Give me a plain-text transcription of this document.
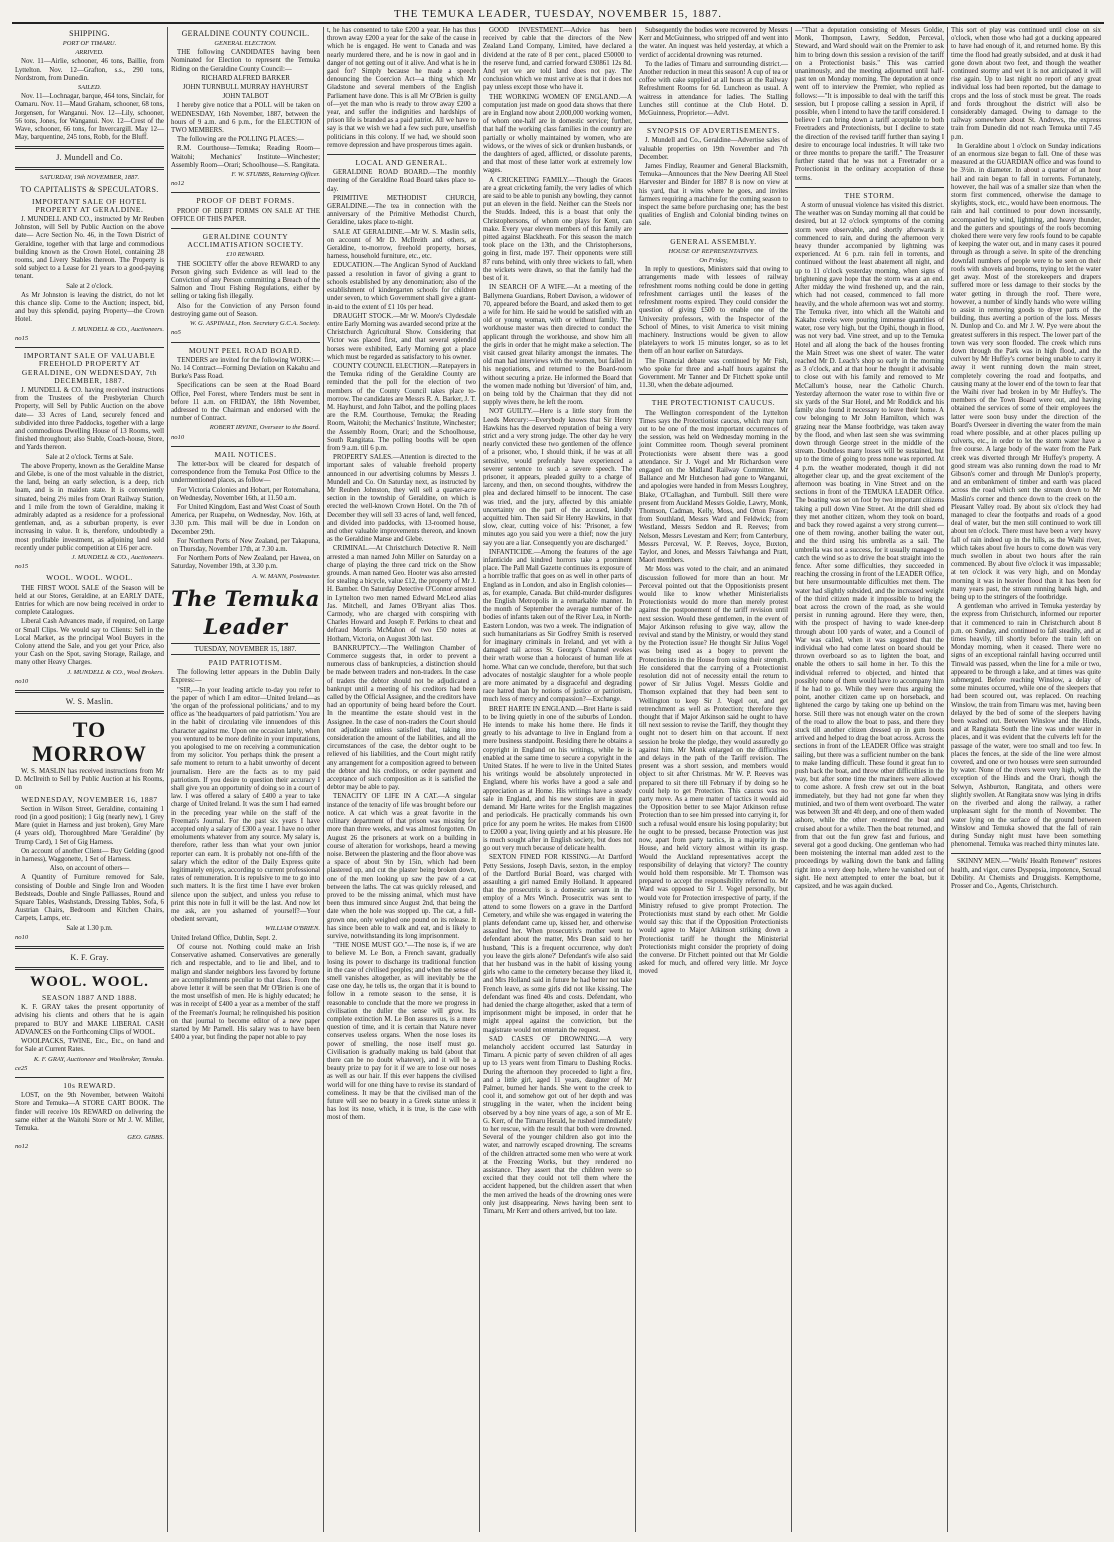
THE TEMUKA LEADER, TUESDAY, NOVEMBER 15, 1887.
SHIPPING.
PORT OF TIMARU.
ARRIVED.

Nov. 11—Airlie, schooner, 46 tons, Baillie, from Lyttelton. Nov. 12—Grafton, s.s., 290 tons, Nordstrom, from Dunedin.

SAILED.

Nov. 11—Lochnagar, barque, 464 tons, Sinclair, for Oamaru. Nov. 11—Maud Graham, schooner, 68 tons, Jorgensen, for Wanganui. Nov. 12—Lily, schooner, 56 tons, Jones, for Wanganui. Nov. 12—Crest of the Wave, schooner, 66 tons, for Invercargill. May 12—May, barquentine, 245 tons, Robb, for the Bluff.

J. Mundell and Co.
SATURDAY, 19th NOVEMBER, 1887.
TO CAPITALISTS & SPECULATORS.
IMPORTANT SALE OF HOTEL PROPERTY AT GERALDINE.

J. MUNDELL AND CO., instructed by Mr Reuben Johnston, will Sell by Public Auction on the above date— Acre Section No. 46, in the Town District of Geraldine, together with that large and commodious building known as the Crown Hotel, containing 28 rooms, and Livery Stables thereon. The Property is sold subject to a Lease for 21 years to a good-paying tenant.

Sale at 2 o'clock.

As Mr Johnston is leaving the district, do not let this chance slip. Come to the Auction; inspect, bid, and buy this splendid, paying Property—the Crown Hotel.

J. MUNDELL & CO., Auctioneers.
no15
IMPORTANT SALE OF VALUABLE FREEHOLD PROPERTY AT GERALDINE, ON WEDNESDAY, 7th DECEMBER, 1887.

J. MUNDELL & CO. having received instructions from the Trustees of the Presbyterian Church Property, will Sell by Public Auction on the above date— 33 Acres of Land, securely fenced and subdivided into three Paddocks, together with a large and commodious Dwelling House of 13 Rooms, well finished throughout; also Stable, Coach-house, Store, and Yards thereon.

Sale at 2 o'clock. Terms at Sale.

The above Property, known as the Geraldine Manse and Glebe, is one of the most valuable in the district, the land, being an early selection, is a deep, rich loam, and is in maiden state. It is conveniently situated, being 2½ miles from Orari Railway Station, and 1 mile from the town of Geraldine, making it admirably adapted as a residence for a professional gentleman, and, as a suburban property, is ever increasing in value. It is, therefore, undoubtedly a most profitable investment, as adjoining land sold recently under public competition at £16 per acre.

J. MUNDELL & CO., Auctioneers.
no15
WOOL. WOOL. WOOL.

THE FIRST WOOL SALE of the Season will be held at our Stores, Geraldine, at an EARLY DATE, Entries for which are now being received in order to complete Catalogues.

Liberal Cash Advances made, if required, on Large or Small Clips. We would say to Clients: Sell in the Local Market, as the principal Wool Buyers in the Colony attend the Sale, and you get your Price, also your Cash on the Spot, saving Storage, Railage, and many other Heavy Charges.

J. MUNDELL & CO., Wool Brokers.
no10
W. S. Maslin.
TO MORROW

W. S. MASLIN has received instructions from Mr D. McIlreith to Sell by Public Auction at his Rooms, on

WEDNESDAY, NOVEMBER 16, 1887

Section in Wilson Street, Geraldine, containing 1 rood (in a good position); 1 Gig (nearly new), 1 Grey Mare (quiet in Harness and just broken), Grey Mare (4 years old), Thoroughbred Mare 'Geraldine' (by Trump Card), 1 Set of Gig Harness.

On account of another Client— Buy Gelding (good in harness), Waggonette, 1 Set of Harness.

Also, on account of others—

A Quantity of Furniture removed for Sale, consisting of Double and Single Iron and Wooden Bedsteads, Double and Single Palliasses, Round and Square Tables, Washstands, Dressing Tables, Sofa, 6 Austrian Chairs, Bedroom and Kitchen Chairs, Carpets, Lamps, etc.

Sale at 1.30 p.m.

no10
K. F. Gray.
WOOL. WOOL.
SEASON 1887 AND 1888.

K. F. GRAY takes the present opportunity of advising his clients and others that he is again prepared to BUY and MAKE LIBERAL CASH ADVANCES on the Forthcoming Clips of WOOL.

WOOLPACKS, TWINE, Etc., Etc., on hand and for Sale at Current Rates.

K. F. GRAY, Auctioneer and Woolbroker, Temuka.
ce25
10s REWARD.

LOST, on the 9th November, between Waitohi Store and Temuka—A STORE CART BOOK. The finder will receive 10s REWARD on delivering the same either at the Waitohi Store or Mr J. W. Miller, Temuka.

GEO. GIBBS.
no12
GERALDINE COUNTY COUNCIL.
GENERAL ELECTION.

THE following CANDIDATES having been Nominated for Election to represent the Temuka Riding on the Geraldine County Council:—

RICHARD ALFRED BARKER

JOHN TURNBULL MURRAY HAYHURST

JOHN TALBOT

I hereby give notice that a POLL will be taken on WEDNESDAY, 16th November, 1887, between the hours of 9 a.m. and 6 p.m., for the ELECTION of TWO MEMBERS.

The following are the POLLING PLACES:—

R.M. Courthouse—Temuka; Reading Room—Waitohi; Mechanics' Institute—Winchester; Assembly Room—Orari; Schoolhouse—S. Rangitata.

F. W. STUBBS, Returning Officer.
no12
PROOF OF DEBT FORMS.

PROOF OF DEBT FORMS ON SALE AT THE OFFICE OF THIS PAPER.

GERALDINE COUNTY ACCLIMATISATION SOCIETY.
£10 REWARD.

THE SOCIETY offer the above REWARD to any Person giving such Evidence as will lead to the Conviction of any Person committing a Breach of the Salmon and Trout Fishing Regulations, either by selling or taking fish illegally.

Also for the Conviction of any Person found destroying game out of Season.

W. G. ASPINALL, Hon. Secretary G.C.A. Society.
no5
MOUNT PEEL ROAD BOARD.

TENDERS are invited for the following WORK:— No. 14 Contract—Forming Deviation on Kakahu and Burke's Pass Road.

Specifications can be seen at the Road Board Office, Peel Forest, where Tenders must be sent in before 11 a.m. on FRIDAY, the 18th November, addressed to the Chairman and endorsed with the number of Contract.

ROBERT IRVINE, Overseer to the Board.
no10
MAIL NOTICES.

The letter-box will be cleared for despatch of correspondence from the Temuka Post Office to the undermentioned places, as follow—

For Victoria Colonies and Hobart, per Rotomahana, on Wednesday, November 16th, at 11.50 a.m.

For United Kingdom, East and West Coast of South America, per Ruapehu, on Wednesday, Nov. 16th, at 3.30 p.m. This mail will be due in London on December 29th.

For Northern Ports of New Zealand, per Takapuna, on Thursday, November 17th, at 7.30 a.m.

For Northern Ports of New Zealand, per Hawea, on Saturday, November 19th, at 3.30 p.m.

A. W. MANN, Postmaster.
The Temuka Leader
TUESDAY, NOVEMBER 15, 1887.
PAID PATRIOTISM.

The following letter appears in the Dublin Daily Express:—

"SIR,—In your leading article to-day you refer to the paper of which I am editor—United Ireland—as 'the organ of the professional politicians,' and to my office as 'the headquarters of paid patriotism.' You are in the habit of circulating vile innuendoes of this character against me. Upon one occasion lately, when you ventured to be more definite in your imputations, you apologised to me on receiving a communication from my solicitor. You perhaps think the present a safe moment to return to a habit unworthy of decent journalism. Here are the facts as to my paid patriotism. If you desire to question their accuracy I shall give you an opportunity of doing so in a court of law. I was offered a salary of £400 a year to take charge of United Ireland. It was the sum I had earned in the preceding year while on the staff of the Freeman's Journal. For the past six years I have accepted only a salary of £300 a year. I have no other emoluments whatever from any source. My salary is, therefore, rather less than what your own junior reporter can earn. It is probably not one-fifth of the salary which the editor of the Daily Express quite legitimately enjoys, according to current professional rates of remuneration. It is repulsive to me to go into such matters. It is the first time I have ever broken silence upon the subject, and unless you refuse to print this note in full it will be the last. And now let me ask, are you ashamed of yourself?—Your obedient servant,

WILLIAM O'BRIEN.

United Ireland Office, Dublin, Sept. 2.

Of course not. Nothing could make an Irish Conservative ashamed. Conservatives are generally rich and respectable, and to lie and libel, and to malign and slander neighbors less favored by fortune are accomplishments peculiar to that class. From the above letter it will be seen that Mr O'Brien is one of the most unselfish of men. He is highly educated; he was in receipt of £400 a year as a member of the staff of the Freeman's Journal; he relinquished his position on that journal to become editor of a new paper started by Mr Parnell. His salary was to have been £400 a year, but finding the paper not able to pay

t, he has consented to take £200 a year. He has thus thrown away £200 a year for the sake of the cause in which he is engaged. He went to Canada and was nearly murdered there, and he is now in gaol and in danger of not getting out of it alive. And what is he in gaol for? Simply because he made a speech denouncing the Coercion Act—a thing which Mr Gladstone and several members of the English Parliament have done. This is all Mr O'Brien is guilty of—yet the man who is ready to throw away £200 a year, and suffer the indignities and hardships of prison life is branded as a paid patriot. All we have to say is that we wish we had a few such pure, unselfish politicians in this colony. If we had, we should soon remove depression and have prosperous times again.

LOCAL AND GENERAL.

GERALDINE ROAD BOARD.—The monthly meeting of the Geraldine Road Board takes place to-day.

PRIMITIVE METHODIST CHURCH, GERALDINE.—The tea in connection with the anniversary of the Primitive Methodist Church, Geraldine, takes place to-night.

SALE AT GERALDINE.—Mr W. S. Maslin sells, on account of Mr D. McIlreith and others, at Geraldine, to-morrow, freehold property, horses, harness, household furniture, etc., etc.

EDUCATION.—The Anglican Synod of Auckland passed a resolution in favor of giving a grant to schools established by any denomination; also of the establishment of kindergarten schools for children under seven, to which Government shall give a grant-in-aid to the extent of £1 10s per head.

DRAUGHT STOCK.—Mr W. Moore's Clydesdale entire Early Morning was awarded second prize at the Christchurch Agricultural Show. Considering that Victor was placed first, and that several splendid horses were exhibited, Early Morning got a place which must be regarded as satisfactory to his owner.

COUNTY COUNCIL ELECTION.—Ratepayers in the Temuka riding of the Geraldine County are reminded that the poll for the election of two members of the County Council takes place to-morrow. The candidates are Messrs R. A. Barker, J. T. M. Hayhurst, and John Talbot, and the polling places are the R.M. Courthouse, Temuka; the Reading Room, Waitohi; the Mechanics' Institute, Winchester; the Assembly Room, Orari; and the Schoolhouse, South Rangitata. The polling booths will be open from 9 a.m. till 6 p.m.

PROPERTY SALES.—Attention is directed to the important sales of valuable freehold property announced in our advertising columns by Messrs J. Mundell and Co. On Saturday next, as instructed by Mr Reuben Johnston, they will sell a quarter-acre section in the township of Geraldine, on which is erected the well-known Crown Hotel. On the 7th of December they will sell 33 acres of land, well fenced, and divided into paddocks, with 13-roomed house, and other valuable improvements thereon, and known as the Geraldine Manse and Glebe.

CRIMINAL.—At Christchurch Detective R. Neill arrested a man named John Miller on Saturday on a charge of playing the three card trick on the Show grounds. A man named Geo. Hooter was also arrested for stealing a bicycle, value £12, the property of Mr J. H. Bamber. On Saturday Detective O'Connor arrested in Lyttelton two men named Edward McLeod alias Jas. Mitchell, and James O'Bryant alias Thos. Carmody, who are charged with conspiring with Charles Howard and Joseph F. Perkins to cheat and defraud Morris McMahon of two £50 notes at Hotham, Victoria, on August 30th last.

BANKRUPTCY.—The Wellington Chamber of Commerce suggests that, in order to prevent a numerous class of bankruptcies, a distinction should be made between traders and non-traders. In the case of traders the debtor should not be adjudicated a bankrupt until a meeting of his creditors had been called by the Official Assignee, and the creditors have had an opportunity of being heard before the Court. In the meantime the estate should vest in the Assignee. In the case of non-traders the Court should not adjudicate unless satisfied that, taking into consideration the amount of the liabilities, and all the circumstances of the case, the debtor ought to be relieved of his liabilities, and the Court might ratify any arrangement for a composition agreed to between the debtor and his creditors, or order payment and acceptance of such composition as it is satisfied the debtor may be able to pay.

TENACITY OF LIFE IN A CAT.—A singular instance of the tenacity of life was brought before our notice. A cat which was a great favorite in the culinary department of that prison was missing for more than three weeks, and was almost forgotten. On August 26 the prisoners at work on a building in course of alteration for workshops, heard a mewing noise. Between the plastering and the floor above was a space of about 9in by 15in, which had been plastered up, and cut the plaster being broken down, one of the men looking up saw the paw of a cat between the laths. The cat was quickly released, and proved to be the missing animal, which must have been thus immured since August 2nd, that being the date when the hole was stopped up. The cat, a full-grown one, only weighed one pound on its release. It has since been able to walk and eat, and is likely to survive, notwithstanding its long imprisonment.

"THE NOSE MUST GO."—The nose is, if we are to believe M. Le Bon, a French savant, gradually losing its power to discharge its traditional function in the case of civilised peoples; and when the sense of smell vanishes altogether, as will inevitably be the case one day, he tells us, the organ that it is bound to follow in a remote season to the sense, it is reasonable to conclude that the more we progress in civilisation the duller the sense will grow. Its complete extinction M. Le Bon assures us, is a mere question of time, and it is certain that Nature never conserves useless organs. When the nose loses its power of smelling, the nose itself must go. Civilisation is gradually making us bald (about that there can be no doubt whatever), and it will be a beauty prize to pay for it if we are to lose our noses as well as our hair. If this ever happens the civilised world will for one thing have to revise its standard of comeliness. It may be that the civilised man of the future will see no beauty in a Greek statue unless it has lost its nose, which, it is true, is the case with most of them.

GOOD INVESTMENT.—Advice has been received by cable that the directors of the New Zealand Land Company, Limited, have declared a dividend at the rate of 8 per cent., placed £50000 to the reserve fund, and carried forward £30861 12s 8d. And yet we are told land does not pay. The conclusion which we must arrive at is that it does not pay unless except those who have it.

THE WORKING WOMEN OF ENGLAND.—A computation just made on good data shows that there are in England now about 2,000,000 working women, of whom one-half are in domestic service; further, that half the working class families in the country are partially or wholly maintained by women, who are widows, or the wives of sick or drunken husbands, or the daughters of aged, afflicted, or dissolute parents, and that most of these latter work at extremely low wages.

A CRICKETING FAMILY.—Though the Graces are a great cricketing family, the very ladies of which are said to be able to punish any bowling, they cannot put an eleven in the field. Neither can the Steels nor the Studds. Indeed, this is a boast that only the Christophersons, of whom one plays for Kent, can make. Every year eleven members of this family are pitted against Blackheath. For this season the match took place on the 13th, and the Christophersons, going in first, made 197. Their opponents were still 87 runs behind, with only three wickets to fall, when the wickets were drawn, so that the family had the best of it.

IN SEARCH OF A WIFE.—At a meeting of the Ballymena Guardians, Robert Davison, a widower of 70, appeared before the Board, and asked them to get a wife for him. He said he would be satisfied with an old or young woman, with or without family. The workhouse master was then directed to conduct the applicant through the workhouse, and show him all the girls in order that he might make a selection. The visit caused great hilarity amongst the inmates. The old man had interviews with the women, but failed in his negotiations, and returned to the Board-room without securing a prize. He informed the Board that the women made nothing but 'diversion' of him, and, on being told by the Chairman that they did not supply wives there, he left the room.

NOT GUILTY.—Here is a little story from the Leeds Mercury:—Everybody knows that Sir Henry Hawkins has the deserved reputation of being a very strict and a very strong judge. The other day he very nearly convicted these two gentlemen of the offence of a prisoner, who, I should think, if he was at all sensitive, would preferably have experienced a severer sentence to such a severe speech. The prisoner, it appears, pleaded guilty to a charge of larceny, and then, on second thoughts, withdrew the plea and declared himself to be innocent. The case was tried, and the jury, affected by this amiable uncertainty on the part of the accused, kindly acquitted him. Then said Sir Henry Hawkins, in that slow, clear, cutting voice of his: 'Prisoner, a few minutes ago you said you were a thief; now the jury say you are a liar. Consequently you are discharged.'

INFANTICIDE.—Among the features of the age infanticide and kindred horrors take a prominent place. The Pall Mall Gazette continues its exposure of a horrible traffic that goes on as well in other parts of England as in London, and also in English colonies—as, for example, Canada. But child-murder disfigures the English Metropolis in a remarkable manner. In the month of September the average number of the bodies of infants taken out of the River Lea, in North-Eastern London, was two a week. The indignation of such humanitarians as Sir Godfrey Smith is reserved for imaginary criminals in Ireland, and yet with a damaged tail across St. George's Channel evokes their wrath worse than a holocaust of human life at home. What can we conclude, therefore, but that such advocates of nostalgic slaughter for a whole people are more animated by a disgraceful and degrading race hatred than by notions of justice or patriotism, much less of mercy and compassion?—Exchange.

BRET HARTE IN ENGLAND.—Bret Harte is said to be living quietly in one of the suburbs of London. He intends to make his home there. He finds it greatly to his advantage to live in England from a mere business standpoint. Residing there he obtains a copyright in England on his writings, while he is enabled at the same time to secure a copyright in the United States. If he were to live in the United States his writings would be absolutely unprotected in England, where his works have a good a sale and appreciation as at Home. His writings have a steady sale in England, and his new stories are in great demand. Mr Harte writes for the English magazines and periodicals. He practically commands his own price for any poem he writes. He makes from £1600 to £2000 a year, living quietly and at his pleasure. He is much sought after in English society, but does not go out very much because of delicate health.

SEXTON FINED FOR KISSING.—At Dartford Petty Sessions, Joseph Davis, sexton, in the employ of the Dartford Burial Board, was charged with assaulting a girl named Emily Holland. It appeared that the prosecutrix is a domestic servant in the employ of a Mrs Winch. Prosecutrix was sent to attend to some flowers on a grave in the Dartford Cemetery, and while she was engaged in watering the plants defendant came up, kissed her, and otherwise assaulted her. When prosecutrix's mother went to defendant about the matter, Mrs Dean said to her husband, 'This is a frequent occurrence, why don't you leave the girls alone?' Defendant's wife also said that her husband was in the habit of kissing young girls who came to the cemetery because they liked it, and Mrs Holland said in future he had better not take French leave, as some girls did not like kissing. The defendant was fined 40s and costs. Defendant, who had denied the charge altogether, asked that a term of imprisonment might be imposed, in order that he might appeal against the conviction, but the magistrate would not entertain the request.

SAD CASES OF DROWNING.—A very melancholy accident occurred last Saturday in Timaru. A picnic party of seven children of all ages up to 13 years went from Timaru to Dashing Rocks. During the afternoon they proceeded to light a fire, and a little girl, aged 11 years, daughter of Mr Palmer, burned her hands. She went to the creek to cool it, and somehow got out of her depth and was struggling in the water, when the incident being observed by a boy nine years of age, a son of Mr E. G. Kerr, of the Timaru Herald, he rushed immediately to her rescue, with the result that both were drowned. Several of the younger children also got into the water, and narrowly escaped drowning. The screams of the children attracted some men who were at work at the Freezing Works, but they rendered no assistance. They assert that the children were so excited that they could not tell them where the accident happened, but the children assert that when the men arrived the heads of the drowning ones were only just disappearing. News having been sent to Timaru, Mr Kerr and others arrived, but too late.

Subsequently the bodies were recovered by Messrs Kerr and McGuinness, who stripped off and went into the water. An inquest was held yesterday, at which a verdict of accidental drowning was returned.

To the ladies of Timaru and surrounding district.—Another reduction in meat this season! A cup of tea or coffee with cake supplied at all hours at the Railway Refreshment Rooms for 6d. Luncheon as usual. A waitress in attendance for ladies. The Stalling Lunches still continue at the Club Hotel. D. McGuinness, Proprietor.—Advt.

SYNOPSIS OF ADVERTISEMENTS.

J. Mundell and Co., Geraldine—Advertise sales of valuable properties on 19th November and 7th December.

James Findlay, Reaumer and General Blacksmith, Temuka—Announces that the New Deering All Steel Harvester and Binder for 1887 8 is now on view at his yard, that it wins where he goes, and invites farmers requiring a machine for the coming season to inspect the same before purchasing one; has the best qualities of English and Colonial binding twines on sale.

GENERAL ASSEMBLY.
HOUSE OF REPRESENTATIVES.
On Friday,

In reply to questions, Ministers said that owing to arrangements made with lessees of railway refreshment rooms nothing could be done in getting refreshment carriages until the leases of the refreshment rooms expired. They could consider the question of giving £500 to enable one of the University professors, with the Inspector of the School of Mines, to visit America to visit mining machinery. Instructions would be given to allow platelayers to work 15 minutes longer, so as to let them off an hour earlier on Saturdays.

The Financial debate was continued by Mr Fish, who spoke for three and a-half hours against the Government. Mr Tanner and Dr Fitchett spoke until 11.30, when the debate adjourned.

THE PROTECTIONIST CAUCUS.

The Wellington correspondent of the Lyttelton Times says the Protectionist caucus, which may turn out to be one of the most important occurrences of the session, was held on Wednesday morning in the joint Committee room. Though several prominent Protectionists were absent there was a good attendance. Sir J. Vogel and Mr Richardson were engaged on the Midland Railway Committee. Mr Ballance and Mr Hutcheson had gone to Wanganui, and apologies were handed in from Messrs Loughrey, Blake, O'Callaghan, and Turnbull. Still there were present from Auckland Messrs Goldie, Lawry, Monk, Thomson, Cadman, Kelly, Moss, and Orton Fraser; from Southland, Messrs Ward and Feldwick; from Westland, Messrs Seddon and R. Reeves; from Nelson, Messrs Levestam and Kerr; from Canterbury, Messrs Perceval, W. P. Reeves, Joyce, Buxton, Taylor, and Jones, and Messrs Taiwhanga and Pratt, Maori members.

Mr Moss was voted to the chair, and an animated discussion followed for more than an hour. Mr Perceval pointed out that the Oppositionists present would like to know whether Ministerialists Protectionists would do more than merely protest against the postponement of the tariff revision until next session. Would these gentlemen, in the event of Major Atkinson refusing to give way, allow the revival and stand by the Ministry, or would they stand by the Protection issue? He thought Sir Julius Vogel was being used as a bogey to prevent the Protectionists in the House from using their strength. He considered that the carrying of a Protectionist resolution did not of necessity entail the return to power of Sir Julius Vogel. Messrs Goldie and Thomson explained that they had been sent to Wellington to keep Sir J. Vogel out, and get retrenchment as well as Protection; therefore they thought that if Major Atkinson said he ought to have till next session to revise the Tariff, they thought they ought not to desert him on that account. If next session he broke the pledge, they would assuredly go against him. Mr Monk enlarged on the difficulties and delays in the path of the Tariff revision. The present was a short session, and members would object to sit after Christmas. Mr W. P. Reeves was prepared to sit there till February if by doing so he could help to get Protection. This caucus was no party move. As a mere matter of tactics it would aid the Opposition better to see Major Atkinson refuse Protection than to see him pressed into carrying it, for such a refusal would ensure his losing popularity; but he ought to be pressed, because Protection was just now, apart from party tactics, in a majority in the House, and held victory almost within its grasp. Would the Auckland representatives accept the responsibility of delaying that victory? The country would hold them responsible. Mr T. Thomson was prepared to accept the responsibility referred to. Mr Ward was opposed to Sir J. Vogel personally, but would vote for Protection irrespective of party, if the Ministry refused to give prompt Protection. The Protectionists must stand by each other. Mr Goldie would say this: that if the Opposition Protectionists would agree to Major Atkinson striking down a Protectionist tariff he thought the Ministerial Protectionists might consider the propriety of doing the converse. Dr Fitchett pointed out that Mr Goldie asked for much, and offered very little. Mr Joyce moved

—"That a deputation consisting of Messrs Goldie, Monk, Thompson, Lawry, Seddon, Perceval, Steward, and Ward should wait on the Premier to ask him to bring down this session a revision of the tariff on a Protectionist basis." This was carried unanimously, and the meeting adjourned until half-past ten on Monday morning. The deputation at once went off to interview the Premier, who replied as follows:—"It is impossible to deal with the tariff this session, but I propose calling a session in April, if possible, when I intend to have the tariff considered. I believe I can bring down a tariff acceptable to both Freetraders and Protectionists, but I decline to state the direction of the revised tariff further than saying I desire to encourage local industries. It will take two or three months to prepare the tariff." The Treasurer further stated that he was not a Freetrader or a Protectionist in the ordinary acceptation of those terms.

THE STORM.

A storm of unusual violence has visited this district. The weather was on Sunday morning all that could be desired, but at 12 o'clock symptoms of the coming storm were observable, and shortly afterwards it commenced to rain, and during the afternoon very heavy thunder accompanied by lightning was experienced. At 6 p.m. rain fell in torrents, and continued without the least abatement all night, and up to 11 o'clock yesterday morning, when signs of brightening gave hope that the storm was at an end. After midday the wind freshened up, and the rain, which had not ceased, commenced to fall more heavily, and the whole afternoon was wet and stormy. The Temuka river, into which all the Waitohi and Kakahu creeks were pouring immense quantities of water, rose very high, but the Opihi, though in flood, was not very bad. Vine street, and up to the Temuka Hotel and all along the back of the houses fronting the Main Street was one sheet of water. The water reached Mr D. Leach's shop so early in the morning as 3 o'clock, and at that hour he thought it advisable to close out with his family and removed to Mr McCallum's house, near the Catholic Church. Yesterday afternoon the water rose to within five or six yards of the Star Hotel, and Mr Roddick and his family also found it necessary to leave their home. A cow belonging to Mr John Hamilton, which was grazing near the Manse footbridge, was taken away by the flood, and when last seen she was swimming down through George street in the middle of the stream. Doubtless many losses will be sustained, but up to the time of going to press none was reported. At 4 p.m. the weather moderated, though it did not altogether clear up, and the great excitement of the afternoon was boating in Vine Street and on the sections in front of the TEMUKA LEADER Office. The boating was set on foot by two important citizens taking a pull down Vine Street. At the drill shed ed they met another citizen, whom they took on board, and back they rowed against a very strong current—one of them rowing, another bailing the water out, and the third using his umbrella as a sail. The umbrella was not a success, for it usually managed to catch the wind so as to drive the boat straight into the fence. After some difficulties, they succeeded in reaching the crossing in front of the LEADER Office, but here unsurmountable difficulties met them. The water had slightly subsided, and the increased weight of the third citizen made it impossible to bring the boat across the crown of the road, as she would persist in running aground. Here they were, then, with the prospect of having to wade knee-deep through about 100 yards of water, and a Council of War was called, when it was suggested that the individual who had come latest on board should be thrown overboard so as to lighten the boat, and enable the others to sail home in her. To this the individual referred to objected, and hinted that possibly none of them would have to accompany him if he had to go. While they were thus arguing the point, another citizen came up on horseback, and lightened the cargo by taking one up behind on the horse. Still there was not enough water on the crown of the road to allow the boat to pass, and there they stuck till another citizen dressed up in gum boots arrived and helped to drag the boat across. Across the sections in front of the LEADER Office was straight sailing, but there was a sufficient number on the bank to make landing difficult. These found it great fun to push back the boat, and throw other difficulties in the way, but after some time the mariners were allowed to come ashore. A fresh crew set out in the boat immediately, but they had not gone far when they mutinied, and two of them went overboard. The water was between 3ft and 4ft deep, and one of them waded ashore, while the other re-entered the boat and cruised about for a while. Then the boat returned, and from that out the fun grew fast and furious, and several got a good ducking. One gentleman who had been moistening the internal man added zest to the proceedings by walking down the bank and falling right into a very deep hole, where he vanished out of sight. He next attempted to enter the boat, but it capsized, and he was again ducked.

This sort of play was continued until close on six o'clock, when those who had got a ducking appeared to have had enough of it, and returned home. By this time the flood had greatly subsided, and at dusk it had gone down about two feet, and though the weather continued stormy and wet it is not anticipated it will rise again. Up to last night no report of any great individual loss had been reported, but the damage to crops and the loss of stock must be great. The roads and fords throughout the district will also be considerably damaged. Owing to damage to the railway somewhere about St. Andrews, the express train from Dunedin did not reach Temuka until 7.45 p.m.

In Geraldine about 1 o'clock on Sunday indications of an enormous size began to fall. One of these was measured at the GUARDIAN office and was found to be 3½in. in diameter. In about a quarter of an hour hail and rain began to fall in torrents. Fortunately, however, the hail was of a smaller size than when the storm first commenced, otherwise the damage to skylights, stock, etc., would have been enormous. The rain and hail continued to pour down incessantly, accompanied by wind, lightning, and heavy thunder, and the gutters and spoutings of the roofs becoming choked there were very few roofs found to be capable of keeping the water out, and in many cases it poured through as through a seive. In spite of the drenching downfall numbers of people were to be seen on their roofs with shovels and brooms, trying to let the water get away. Most of the storekeepers and drapers suffered more or less damage to their stocks by the water getting in through the roof. There were, however, a number of kindly hands who were willing to assist in removing goods to dryer parts of the building, thus averting a portion of the loss. Messrs N. Dunlop and Co. and Mr J. W. Pye were about the greatest sufferers in this respect. The lower part of the town was very soon flooded. The creek which runs down through the Park was in high flood, and the culvert by Mr Huffey's corner being unable to carry it away it went running down the main street, completely covering the road and footpaths, and causing many at the lower end of the town to fear that the Waihi river had broken in by Mr Huffey's. The members of the Town Board were out, and having obtained the services of some of their employees the latter were soon busy under the direction of the Board's Overseer in diverting the water from the main road where possible, and at other places pulling up culverts, etc., in order to let the storm water have a free course. A large body of the water from the Park creek was diverted through Mr Huffey's property. A good stream was also running down the road to Mr Gibson's corner and through Mr Dunlop's property, and an embankment of timber and earth was placed across the road which sent the stream down to Mr Maslin's corner and thence down to the creek on the Pleasant Valley road. By about six o'clock they had managed to clear the footpaths and roads of a good deal of water, but the men still continued to work till about ten o'clock. There must have been a very heavy fall of rain indeed up in the hills, as the Waihi river, which takes about five hours to come down was very much swollen in about two hours after the rain commenced. By about five o'clock it was impassable; at ten o'clock it was very high, and on Monday morning it was in heavier flood than it has been for many years past, the stream running bank high, and being up to the stringers of the footbridge.

A gentleman who arrived in Temuka yesterday by the express from Christchurch, informed our reporter that it commenced to rain in Christchurch about 8 p.m. on Sunday, and continued to fall steadily, and at times heavily, till shortly before the train left on Monday morning, when it ceased. There were no signs of an exceptional rainfall having occurred until Tinwald was passed, when the line for a mile or two, appeared to be through a lake, and at times was quite submerged. Before reaching Winslow, a delay of some minutes occurred, while one of the sleepers that had been scoured out, was replaced. On reaching Winslow, the train from Timaru was met, having been delayed by the bed of some of the sleepers having been washed out. Between Winslow and the Hinds, and at Rangitata South the line was under water in places, and it was evident that the culverts left for the passage of the water, were too small and too few. In places the fences, at the side of the line were almost covered, and one or two houses were seen surrounded by water. None of the rivers were very high, with the exception of the Hinds and the Orari, though the Selwyn, Ashburton, Rangitata, and others were slightly swollen. At Rangitata snow was lying in drifts on the riverbed and along the railway, a rather unpleasant sight for the month of November. The water lying on the surface of the ground between Winslow and Temuka showed that the fall of rain during Sunday night must have been something phenomenal. Temuka was reached thirty minutes late.

SKINNY MEN.—"Wells' Health Renewer" restores health, and vigor, cures Dyspepsia, impotence, Sexual Debility. At Chemists and Druggists. Kempthorne, Prosser and Co., Agents, Christchurch.
